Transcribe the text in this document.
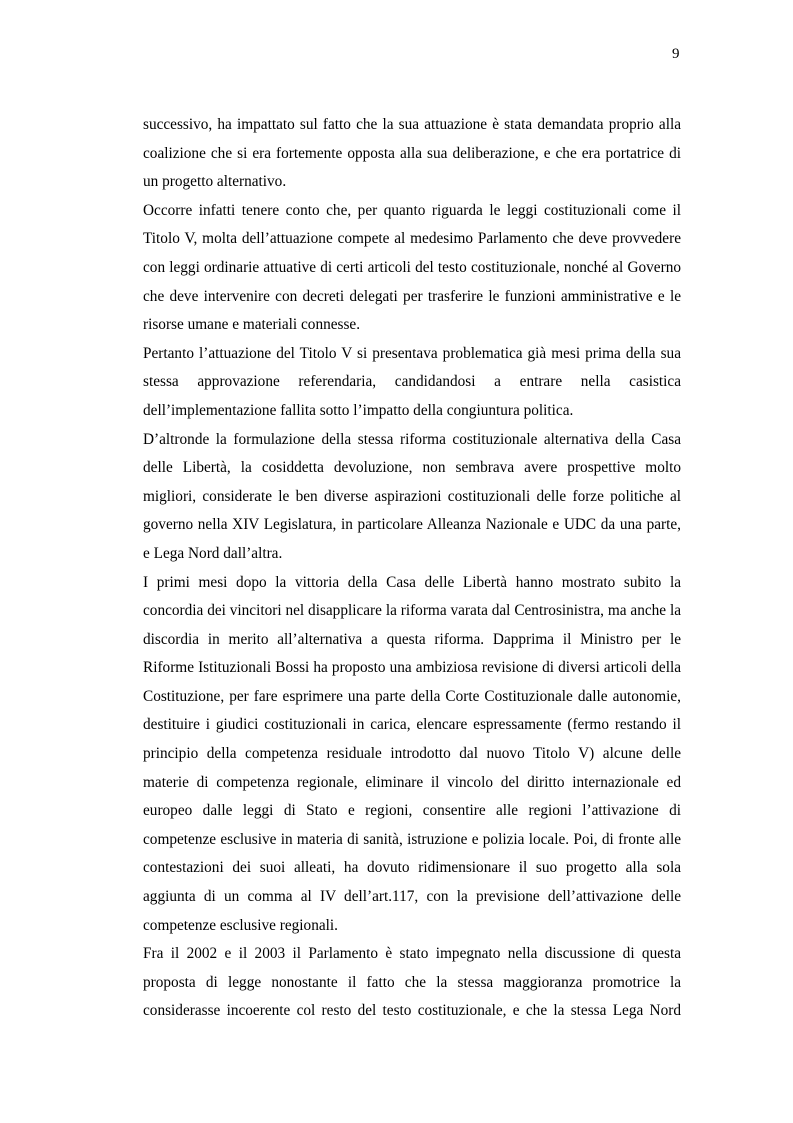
9

successivo, ha impattato sul fatto che la sua attuazione è stata demandata proprio alla coalizione che si era fortemente opposta alla sua deliberazione, e che era portatrice di un progetto alternativo.

Occorre infatti tenere conto che, per quanto riguarda le leggi costituzionali come il Titolo V, molta dell’attuazione compete al medesimo Parlamento che deve provvedere con leggi ordinarie attuative di certi articoli del testo costituzionale, nonché al Governo che deve intervenire con decreti delegati per trasferire le funzioni amministrative e le risorse umane e materiali connesse.

Pertanto l’attuazione del Titolo V si presentava problematica già mesi prima della sua stessa approvazione referendaria, candidandosi a entrare nella casistica dell’implementazione fallita sotto l’impatto della congiuntura politica.

D’altronde la formulazione della stessa riforma costituzionale alternativa della Casa delle Libertà, la cosiddetta devoluzione, non sembrava avere prospettive molto migliori, considerate le ben diverse aspirazioni costituzionali delle forze politiche al governo nella XIV Legislatura, in particolare Alleanza Nazionale e UDC da una parte, e Lega Nord dall’altra.

I primi mesi dopo la vittoria della Casa delle Libertà hanno mostrato subito la concordia dei vincitori nel disapplicare la riforma varata dal Centrosinistra, ma anche la discordia in merito all’alternativa a questa riforma. Dapprima il Ministro per le Riforme Istituzionali Bossi ha proposto una ambiziosa revisione di diversi articoli della Costituzione, per fare esprimere una parte della Corte Costituzionale dalle autonomie, destituire i giudici costituzionali in carica, elencare espressamente (fermo restando il principio della competenza residuale introdotto dal nuovo Titolo V) alcune delle materie di competenza regionale, eliminare il vincolo del diritto internazionale ed europeo dalle leggi di Stato e regioni, consentire alle regioni l’attivazione di competenze esclusive in materia di sanità, istruzione e polizia locale. Poi, di fronte alle contestazioni dei suoi alleati, ha dovuto ridimensionare il suo progetto alla sola aggiunta di un comma al IV dell’art.117, con la previsione dell’attivazione delle competenze esclusive regionali.

Fra il 2002 e il 2003 il Parlamento è stato impegnato nella discussione di questa proposta di legge nonostante il fatto che la stessa maggioranza promotrice la considerasse incoerente col resto del testo costituzionale, e che la stessa Lega Nord
